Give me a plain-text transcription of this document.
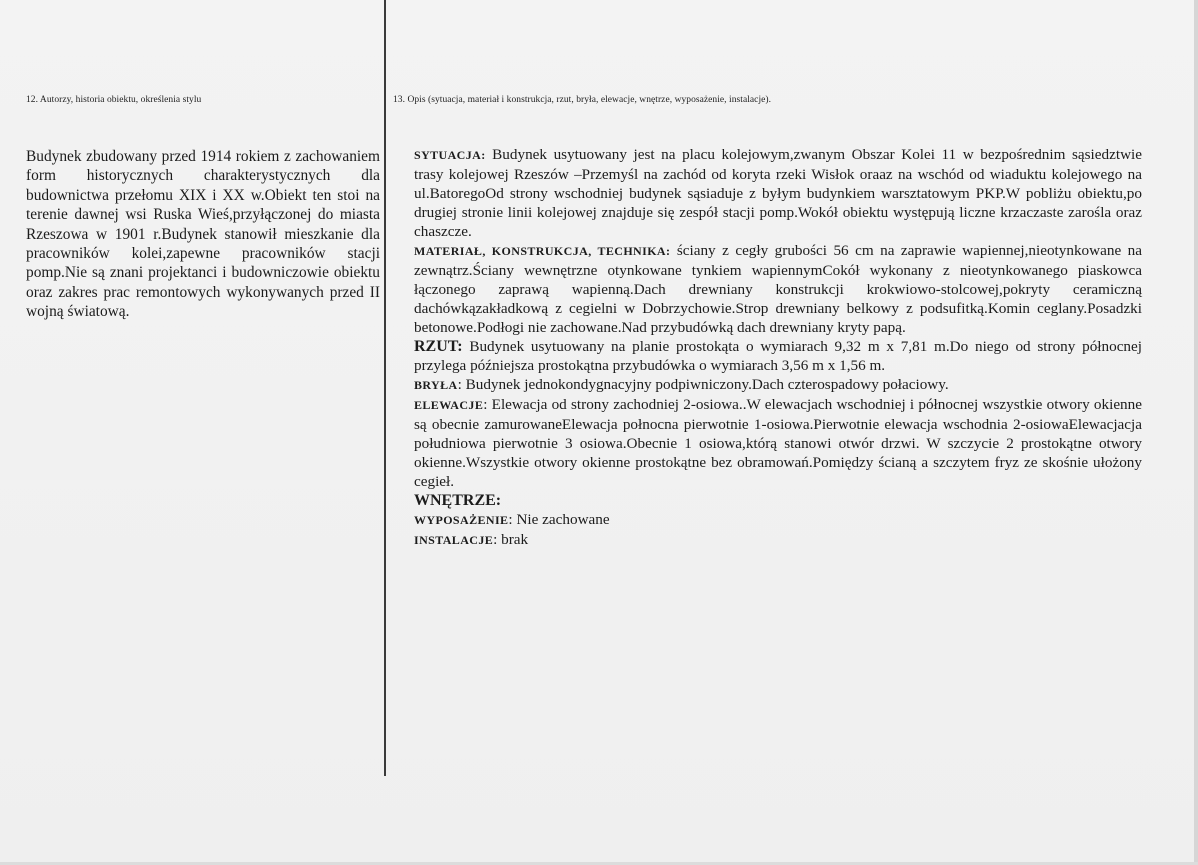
12. Autorzy, historia obiektu, określenia stylu
Budynek zbudowany przed 1914 rokiem z zachowaniem form historycznych charakterystycznych dla budownictwa przełomu XIX i XX w.Obiekt ten stoi na terenie dawnej wsi Ruska Wieś,przyłączonej do miasta Rzeszowa w 1901 r.Budynek stanowił mieszkanie dla pracowników kolei,zapewne pracowników stacji pomp.Nie są znani projektanci i budowniczowie obiektu oraz zakres prac remontowych wykonywanych przed II wojną światową.
13. Opis (sytuacja, materiał i konstrukcja, rzut, bryła, elewacje, wnętrze, wyposażenie, instalacje).

SYTUACJA: Budynek usytuowany jest na placu kolejowym,zwanym Obszar Kolei 11 w bezpośrednim sąsiedztwie trasy kolejowej Rzeszów –Przemyśl na zachód od koryta rzeki Wisłok oraaz na wschód od wiaduktu kolejowego na ul.BatoregoOd strony wschodniej budynek sąsiaduje z byłym budynkiem warsztatowym PKP.W pobliżu obiektu,po drugiej stronie linii kolejowej znajduje się zespół stacji pomp.Wokół obiektu występują liczne krzaczaste zarośla oraz chaszcze.

MATERIAŁ, KONSTRUKCJA, TECHNIKA: ściany z cegły grubości 56 cm na zaprawie wapiennej,nieotynkowane na zewnątrz.Ściany wewnętrzne otynkowane tynkiem wapiennymCokół wykonany z nieotynkowanego piaskowca łączonego zaprawą wapienną.Dach drewniany konstrukcji krokwiowo-stolcowej,pokryty ceramiczną dachówkązakładkową z cegielni w Dobrzychowie.Strop drewniany belkowy z podsufitką.Komin ceglany.Posadzki betonowe.Podłogi nie zachowane.Nad przybudówką dach drewniany kryty papą.

RZUT: Budynek usytuowany na planie prostokąta o wymiarach 9,32 m x 7,81 m.Do niego od strony północnej przylega późniejsza prostokątna przybudówka o wymiarach 3,56 m x 1,56 m.

BRYŁA: Budynek jednokondygnacyjny podpiwniczony.Dach czterospadowy połaciowy.

ELEWACJE: Elewacja od strony zachodniej 2-osiowa..W elewacjach wschodniej i północnej wszystkie otwory okienne są obecnie zamurowaneElewacja połnocna pierwotnie 1-osiowa.Pierwotnie elewacja wschodnia 2-osiowaElewacjacja południowa pierwotnie 3 osiowa.Obecnie 1 osiowa,którą stanowi otwór drzwi. W szczycie 2 prostokątne otwory okienne.Wszystkie otwory okienne prostokątne bez obramowań.Pomiędzy ścianą a szczytem fryz ze skośnie ułożony cegieł.

WNĘTRZE:

WYPOSAŻENIE: Nie zachowane

INSTALACJE: brak
